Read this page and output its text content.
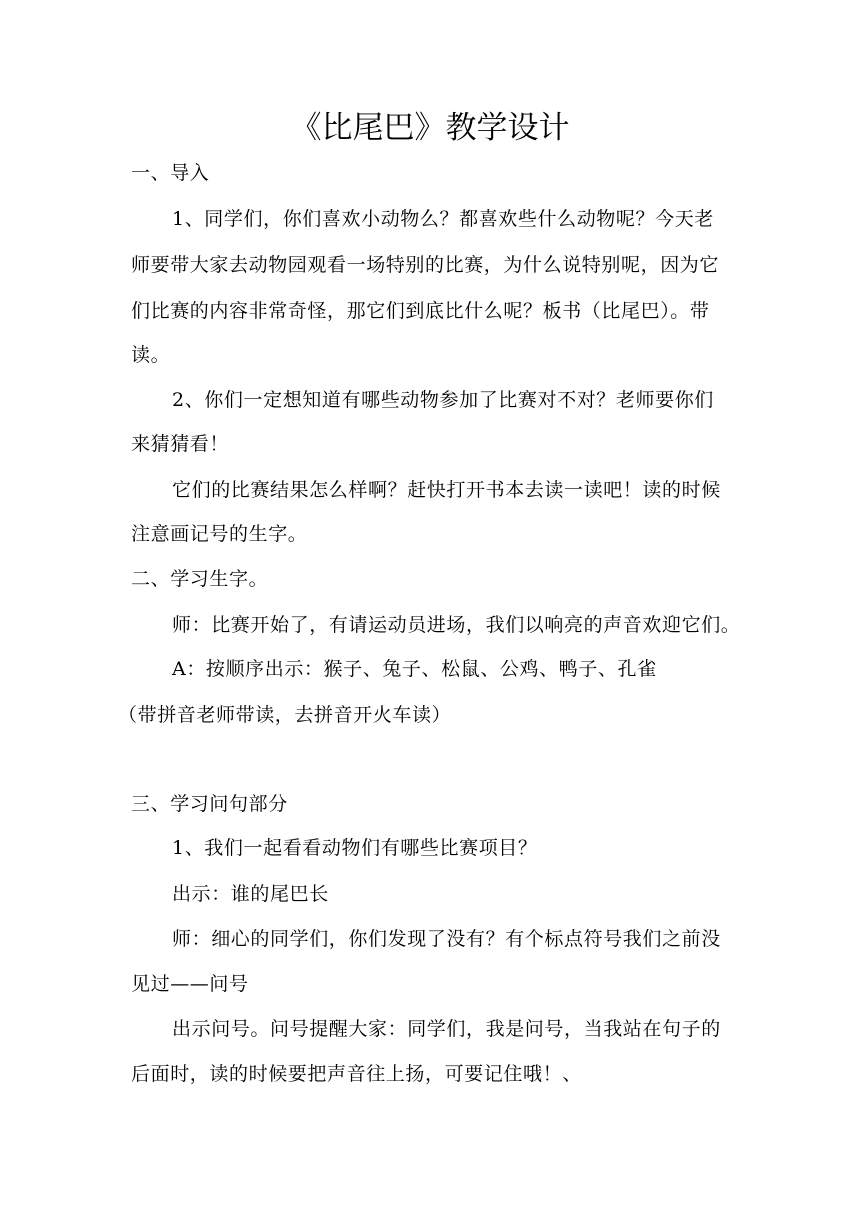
《比尾巴》教学设计
一、导入
1、同学们，你们喜欢小动物么？都喜欢些什么动物呢？今天老
师要带大家去动物园观看一场特别的比赛，为什么说特别呢，因为它
们比赛的内容非常奇怪，那它们到底比什么呢？板书（比尾巴）。带
读。
2、你们一定想知道有哪些动物参加了比赛对不对？老师要你们
来猜猜看！
它们的比赛结果怎么样啊？赶快打开书本去读一读吧！读的时候
注意画记号的生字。
二、学习生字。
师：比赛开始了，有请运动员进场，我们以响亮的声音欢迎它们。
A：按顺序出示：猴子、兔子、松鼠、公鸡、鸭子、孔雀
（带拼音老师带读，去拼音开火车读）
三、学习问句部分
1、我们一起看看动物们有哪些比赛项目？
出示：谁的尾巴长
师：细心的同学们，你们发现了没有？有个标点符号我们之前没
见过——问号
出示问号。问号提醒大家：同学们，我是问号，当我站在句子的
后面时，读的时候要把声音往上扬，可要记住哦！、
